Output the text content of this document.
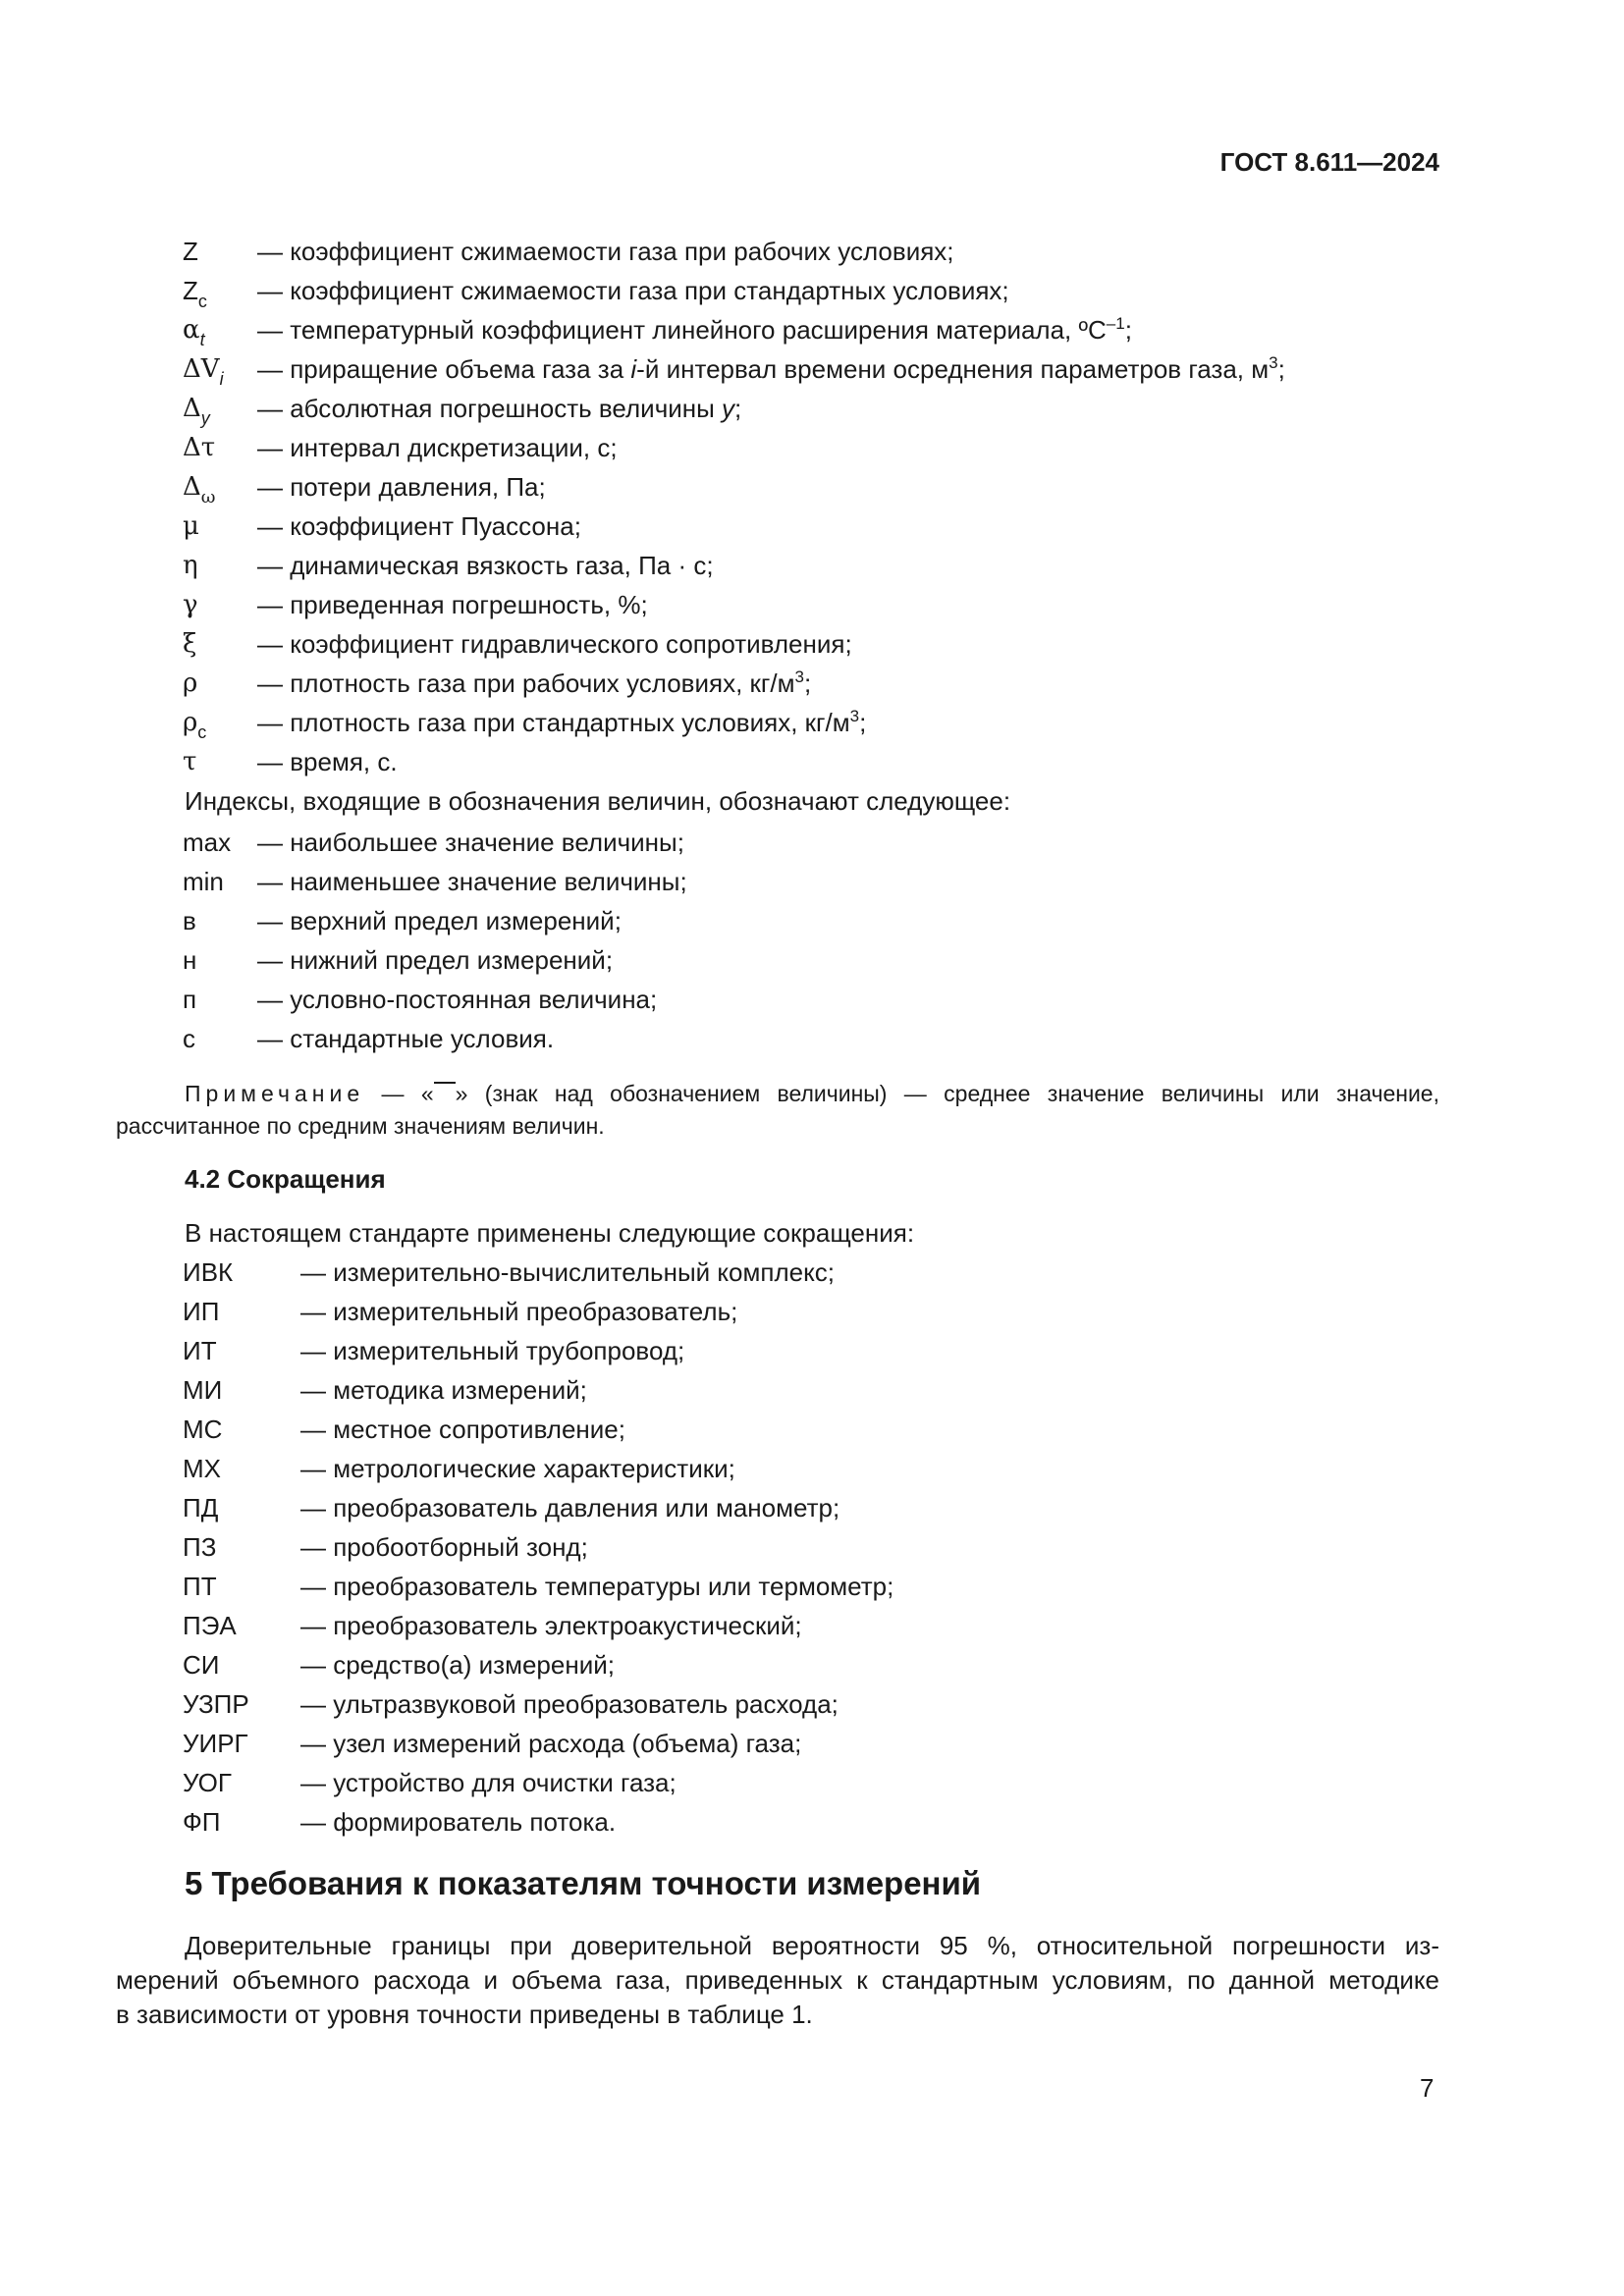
ГОСТ 8.611—2024
Z — коэффициент сжимаемости газа при рабочих условиях;
$Z_с$ — коэффициент сжимаемости газа при стандартных условиях;
$\alpha_t$ — температурный коэффициент линейного расширения материала, ºС$^{-1}$;
$\Delta V_i$ — приращение объема газа за i-й интервал времени осреднения параметров газа, $м^3$;
$\Delta_y$ — абсолютная погрешность величины y;
Δτ — интервал дискретизации, с;
$\Delta_\omega$ — потери давления, Па;
μ — коэффициент Пуассона;
η — динамическая вязкость газа, Па · с;
γ — приведенная погрешность, %;
ξ — коэффициент гидравлического сопротивления;
ρ — плотность газа при рабочих условиях, $кг/м^3$;
$\rho_с$ — плотность газа при стандартных условиях, $кг/м^3$;
τ — время, с.
Индексы, входящие в обозначения величин, обозначают следующее:
max — наибольшее значение величины;
min — наименьшее значение величины;
в — верхний предел измерений;
н — нижний предел измерений;
п — условно-постоянная величина;
с — стандартные условия.
Примечание — « » (знак над обозначением величины) — среднее значение величины или значение,
рассчитанное по средним значениям величин.
4.2 Сокращения
В настоящем стандарте применены следующие сокращения:
ИВК	— измерительно-вычислительный комплекс;
ИП	— измерительный преобразователь;
ИТ	— измерительный трубопровод;
МИ	— методика измерений;
МС	— местное сопротивление;
МХ	— метрологические характеристики;
ПД	— преобразователь давления или манометр;
ПЗ	— пробоотборный зонд;
ПТ	— преобразователь температуры или термометр;
ПЭА	— преобразователь электроакустический;
СИ	— средство(а) измерений;
УЗПР — ультразвуковой преобразователь расхода;
УИРГ — узел измерений расхода (объема) газа;
УОГ	— устройство для очистки газа;
ФП	— формирователь потока.
5 Требования к показателям точности измерений
Доверительные границы при доверительной вероятности 95 %, относительной погрешности из-
мерений объемного расхода и объема газа, приведенных к стандартным условиям, по данной методике
в зависимости от уровня точности приведены в таблице 1.
7
